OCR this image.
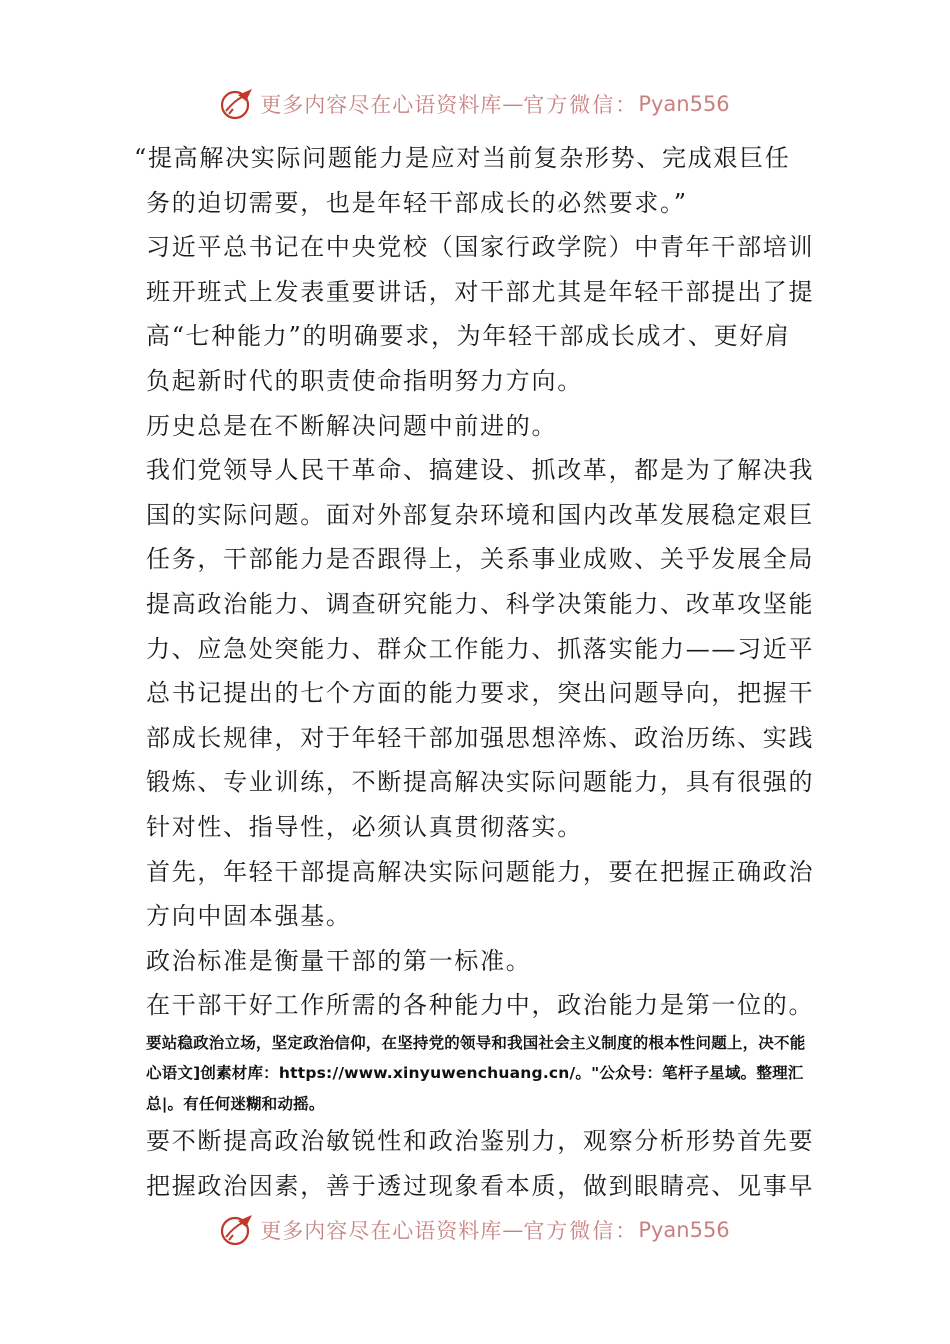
更多内容尽在心语资料库 — 官方微信： Pyan556

“提高解决实际问题能力是应对当前复杂形势、完成艰巨任务的迫切需要，也是年轻干部成长的必然要求。”

习近平总书记在中央党校（国家行政学院）中青年干部培训班开班式上发表重要讲话，对干部尤其是年轻干部提出了提高“七种能力”的明确要求，为年轻干部成长成才、更好肩负起新时代的职责使命指明努力方向。

历史总是在不断解决问题中前进的。

我们党领导人民干革命、搞建设、抓改革，都是为了解决我国的实际问题。面对外部复杂环境和国内改革发展稳定艰巨任务，干部能力是否跟得上，关系事业成败、关乎发展全局提高政治能力、调查研究能力、科学决策能力、改革攻坚能力、应急处突能力、群众工作能力、抓落实能力——习近平总书记提出的七个方面的能力要求，突出问题导向，把握干部成长规律，对于年轻干部加强思想淬炼、政治历练、实践锻炼、专业训练，不断提高解决实际问题能力，具有很强的针对性、指导性，必须认真贯彻落实。

首先，年轻干部提高解决实际问题能力，要在把握正确政治方向中固本强基。

政治标准是衡量干部的第一标准。

在干部干好工作所需的各种能力中，政治能力是第一位的。

要站稳政治立场，坚定政治信仰，在坚持党的领导和我国社会主义制度的根本性问题上，决不能心语文]创素材库：https://www.xinyuwenchuang.cn/。"公众号：笔杆子星域。整理汇总|。有任何迷糊和动摇。

要不断提高政治敏锐性和政治鉴别力，观察分析形势首先要把握政治因素，善于透过现象看本质，做到眼睛亮、见事早

更多内容尽在心语资料库 — 官方微信： Pyan556
